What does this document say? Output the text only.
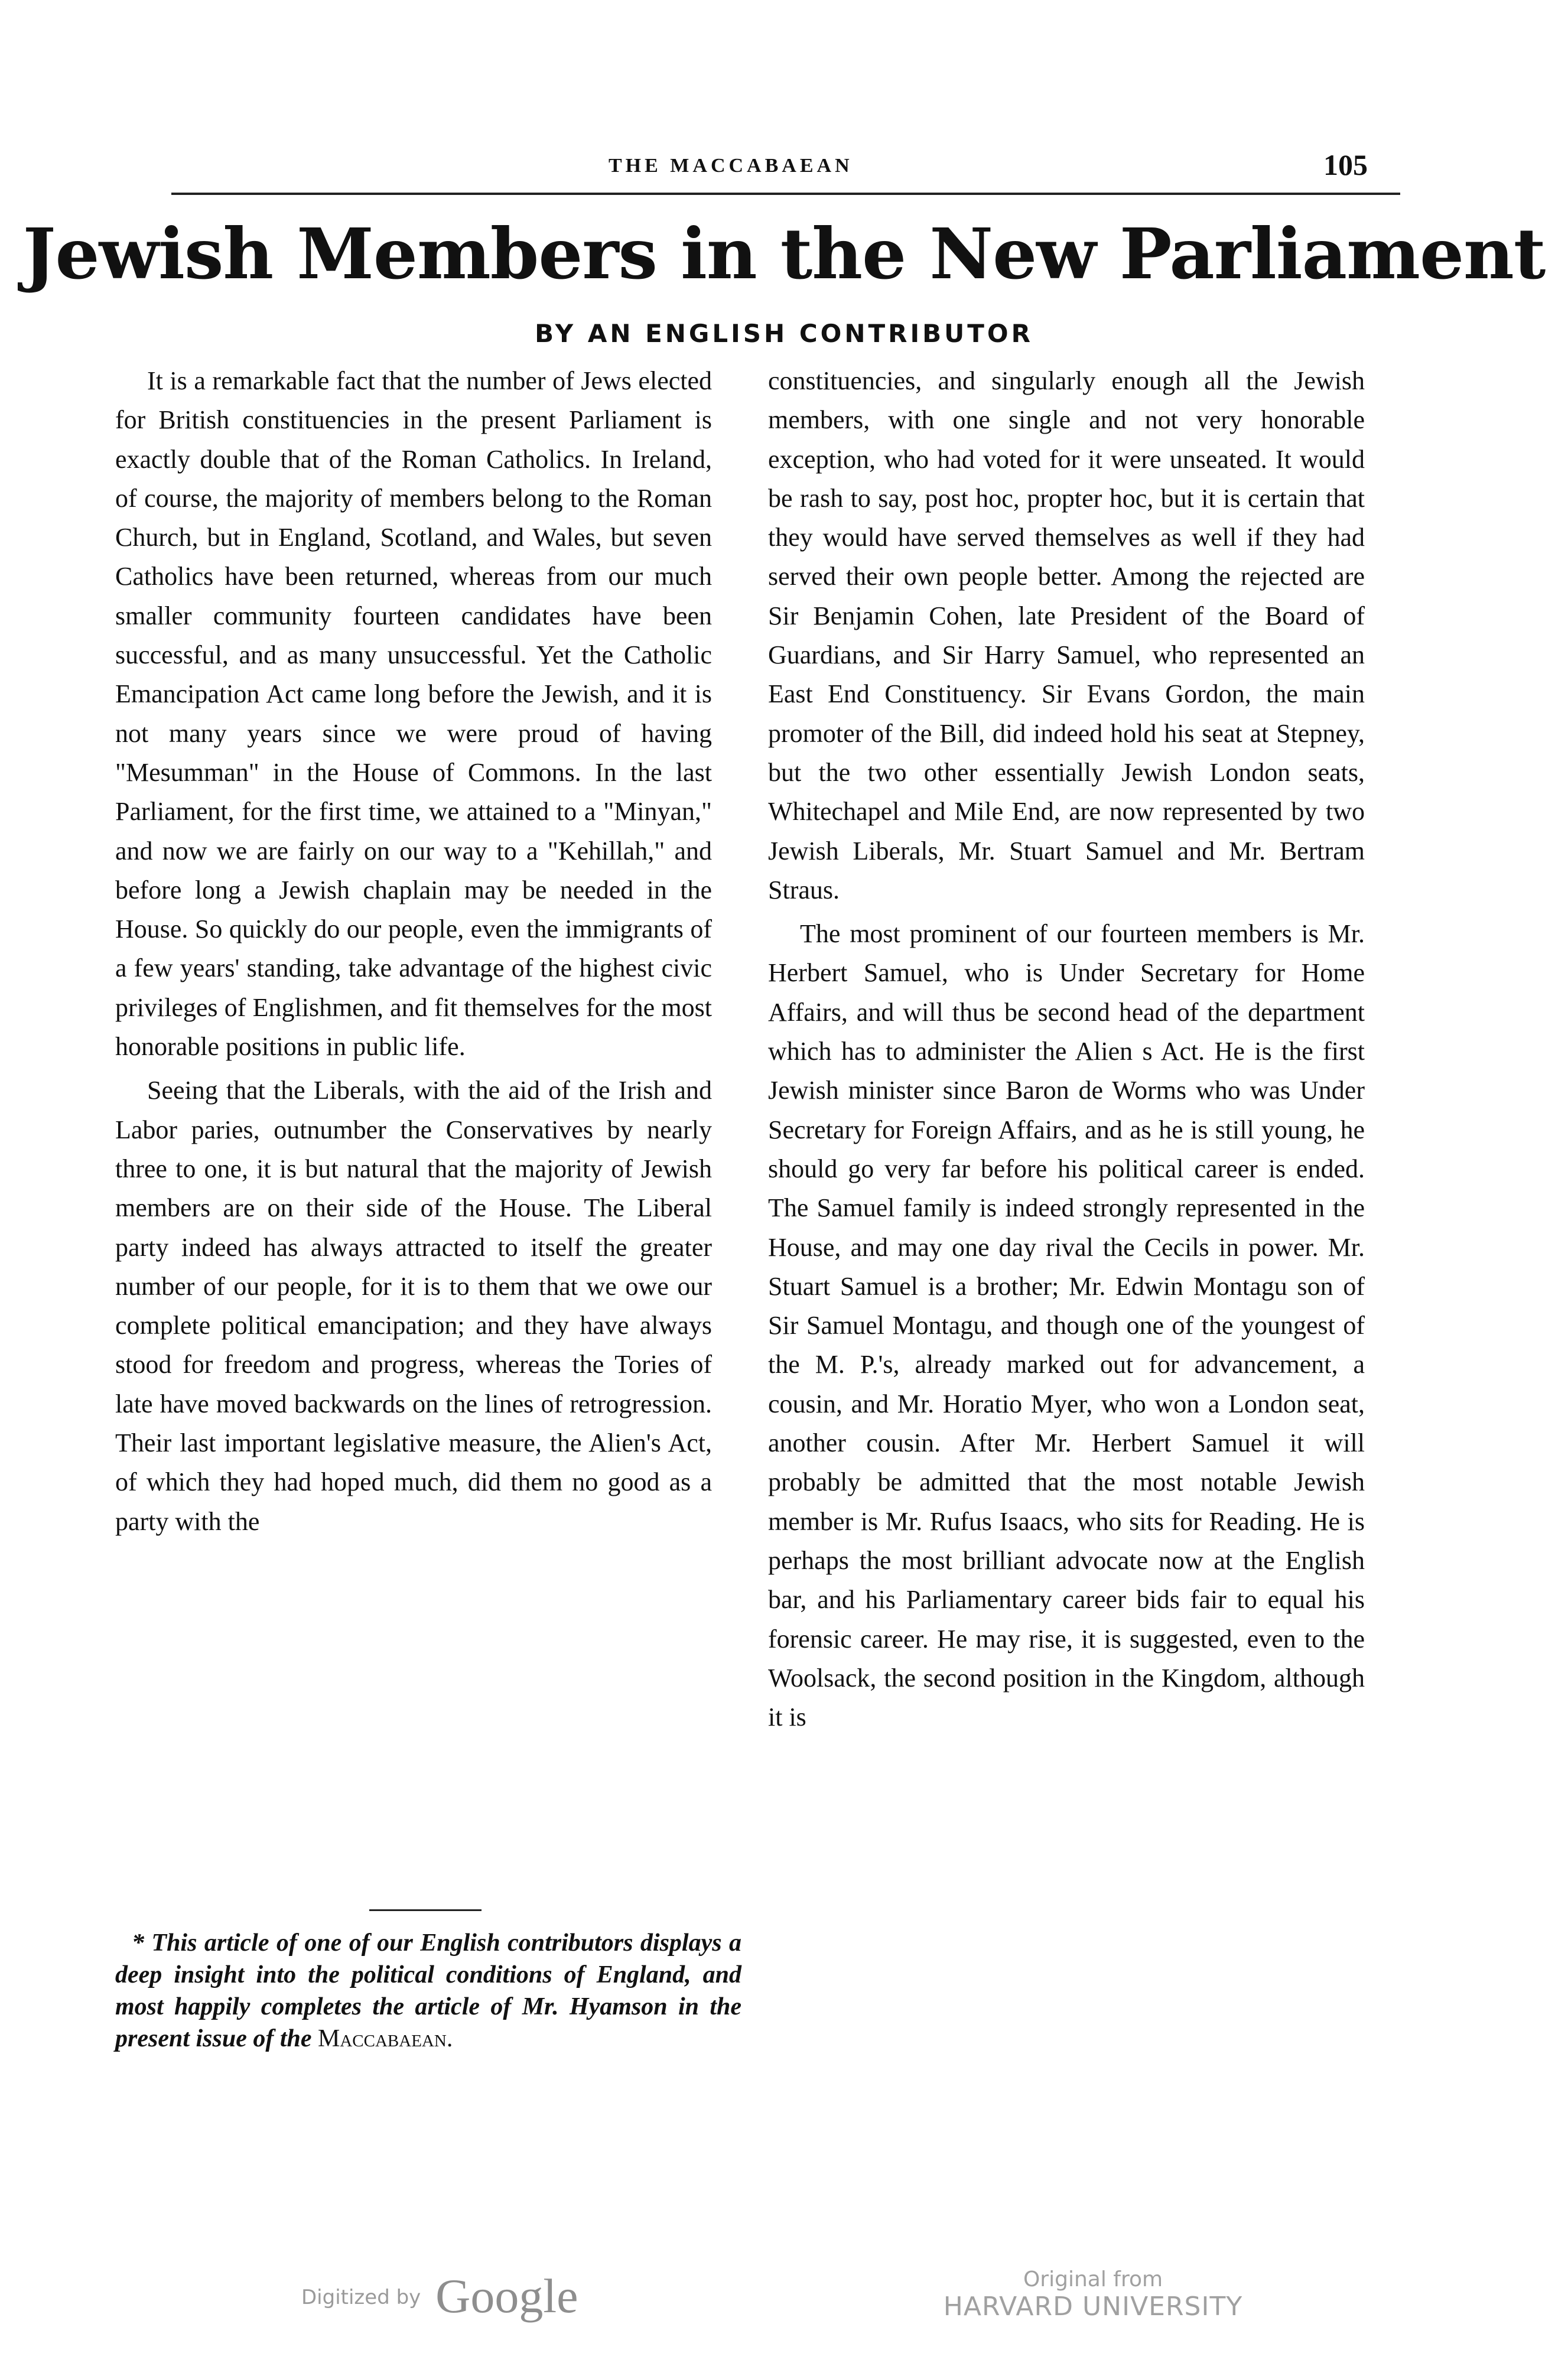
THE MACCABAEAN	105
Jewish Members in the New Parliament
BY AN ENGLISH CONTRIBUTOR

It is a remarkable fact that the number of Jews elected for British constituencies in the present Parliament is exactly double that of the Roman Catholics. In Ireland, of course, the majority of members belong to the Roman Church, but in England, Scotland, and Wales, but seven Catholics have been returned, whereas from our much smaller community fourteen candidates have been successful, and as many unsuccessful. Yet the Catholic Emancipation Act came long before the Jewish, and it is not many years since we were proud of having "Mesumman" in the House of Commons. In the last Parliament, for the first time, we attained to a "Minyan," and now we are fairly on our way to a "Kehillah," and before long a Jewish chaplain may be needed in the House. So quickly do our people, even the immigrants of a few years' standing, take advantage of the highest civic privileges of Englishmen, and fit themselves for the most honorable positions in public life.

Seeing that the Liberals, with the aid of the Irish and Labor paries, outnumber the Conservatives by nearly three to one, it is but natural that the majority of Jewish members are on their side of the House. The Liberal party indeed has always attracted to itself the greater number of our people, for it is to them that we owe our complete political emancipation; and they have always stood for freedom and progress, whereas the Tories of late have moved backwards on the lines of retrogression. Their last important legislative measure, the Alien's Act, of which they had hoped much, did them no good as a party with the

constituencies, and singularly enough all the Jewish members, with one single and not very honorable exception, who had voted for it were unseated. It would be rash to say, post hoc, propter hoc, but it is certain that they would have served themselves as well if they had served their own people better. Among the rejected are Sir Benjamin Cohen, late President of the Board of Guardians, and Sir Harry Samuel, who represented an East End Constituency. Sir Evans Gordon, the main promoter of the Bill, did indeed hold his seat at Stepney, but the two other essentially Jewish London seats, Whitechapel and Mile End, are now represented by two Jewish Liberals, Mr. Stuart Samuel and Mr. Bertram Straus.

The most prominent of our fourteen members is Mr. Herbert Samuel, who is Under Secretary for Home Affairs, and will thus be second head of the department which has to administer the Alien s Act. He is the first Jewish minister since Baron de Worms who was Under Secretary for Foreign Affairs, and as he is still young, he should go very far before his political career is ended. The Samuel family is indeed strongly represented in the House, and may one day rival the Cecils in power. Mr. Stuart Samuel is a brother; Mr. Edwin Montagu son of Sir Samuel Montagu, and though one of the youngest of the M. P.'s, already marked out for advancement, a cousin, and Mr. Horatio Myer, who won a London seat, another cousin. After Mr. Herbert Samuel it will probably be admitted that the most notable Jewish member is Mr. Rufus Isaacs, who sits for Reading. He is perhaps the most brilliant advocate now at the English bar, and his Parliamentary career bids fair to equal his forensic career. He may rise, it is suggested, even to the Woolsack, the second position in the Kingdom, although it is

* This article of one of our English contributors displays a deep insight into the political conditions of England, and most happily completes the article of Mr. Hyamson in the present issue of the Maccabaean.
Digitized by Google	Original from
HARVARD UNIVERSITY
